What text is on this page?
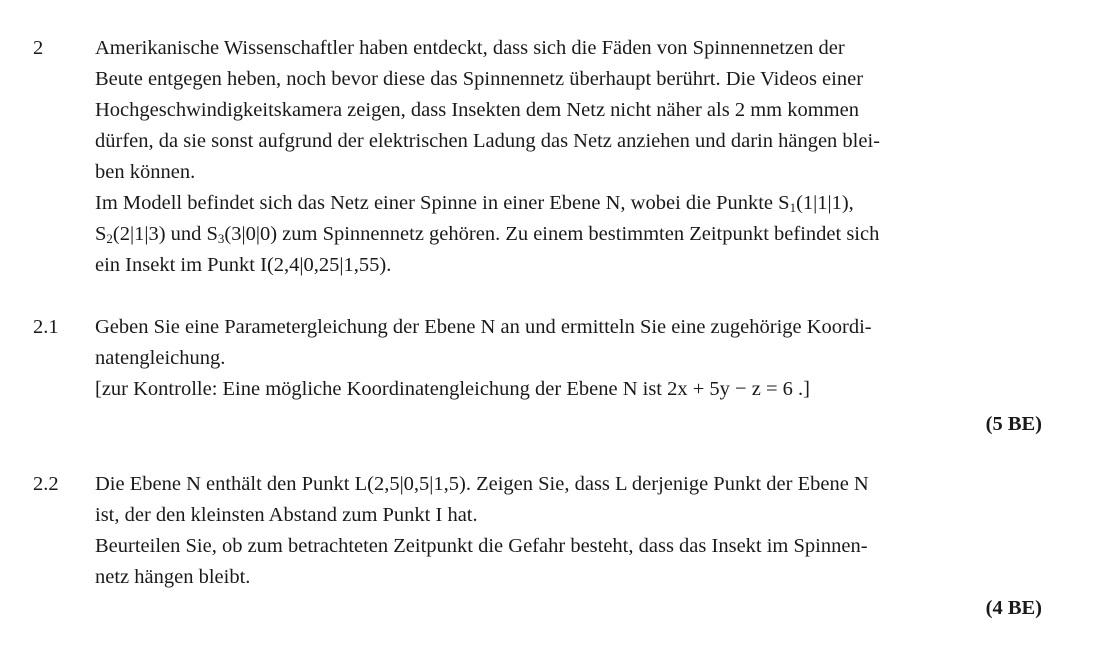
2	Amerikanische Wissenschaftler haben entdeckt, dass sich die Fäden von Spinnennetzen der
Beute entgegen heben, noch bevor diese das Spinnennetz überhaupt berührt. Die Videos einer
Hochgeschwindigkeitskamera zeigen, dass Insekten dem Netz nicht näher als 2 mm kommen
dürfen, da sie sonst aufgrund der elektrischen Ladung das Netz anziehen und darin hängen blei-
ben können.
Im Modell befindet sich das Netz einer Spinne in einer Ebene N, wobei die Punkte $S_1(1|1|1)$,
$S_2(2|1|3)$ und $S_3(3|0|0)$ zum Spinnennetz gehören. Zu einem bestimmten Zeitpunkt befindet sich
ein Insekt im Punkt I(2,4|0,25|1,55).
2.1 Geben Sie eine Parametergleichung der Ebene N an und ermitteln Sie eine zugehörige Koordi-
natengleichung.
[zur Kontrolle: Eine mögliche Koordinatengleichung der Ebene N ist 2x + 5y − z = 6 .]
(5 BE)
2.2 Die Ebene N enthält den Punkt L(2,5|0,5|1,5). Zeigen Sie, dass L derjenige Punkt der Ebene N
ist, der den kleinsten Abstand zum Punkt I hat.
Beurteilen Sie, ob zum betrachteten Zeitpunkt die Gefahr besteht, dass das Insekt im Spinnen-
netz hängen bleibt.
(4 BE)
